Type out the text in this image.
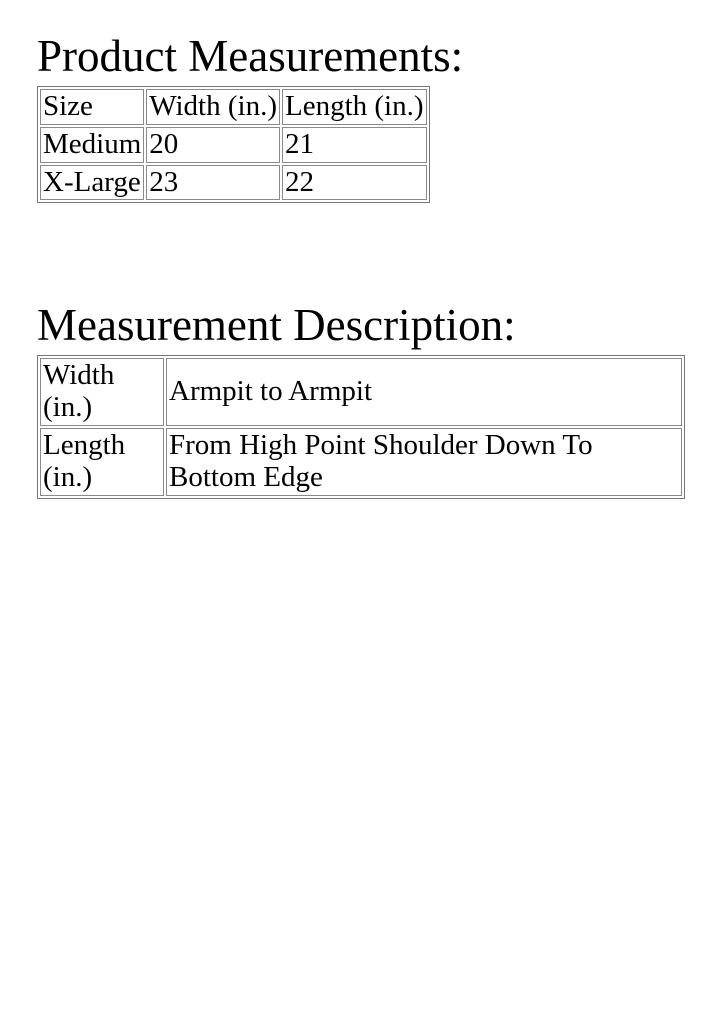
Product Measurements:
Size	Width (in.)	Length (in.)
Medium	20	21
X-Large	23	22
Measurement Description:
Width (in.)	Armpit to Armpit
Length (in.)	From High Point Shoulder Down To Bottom Edge
